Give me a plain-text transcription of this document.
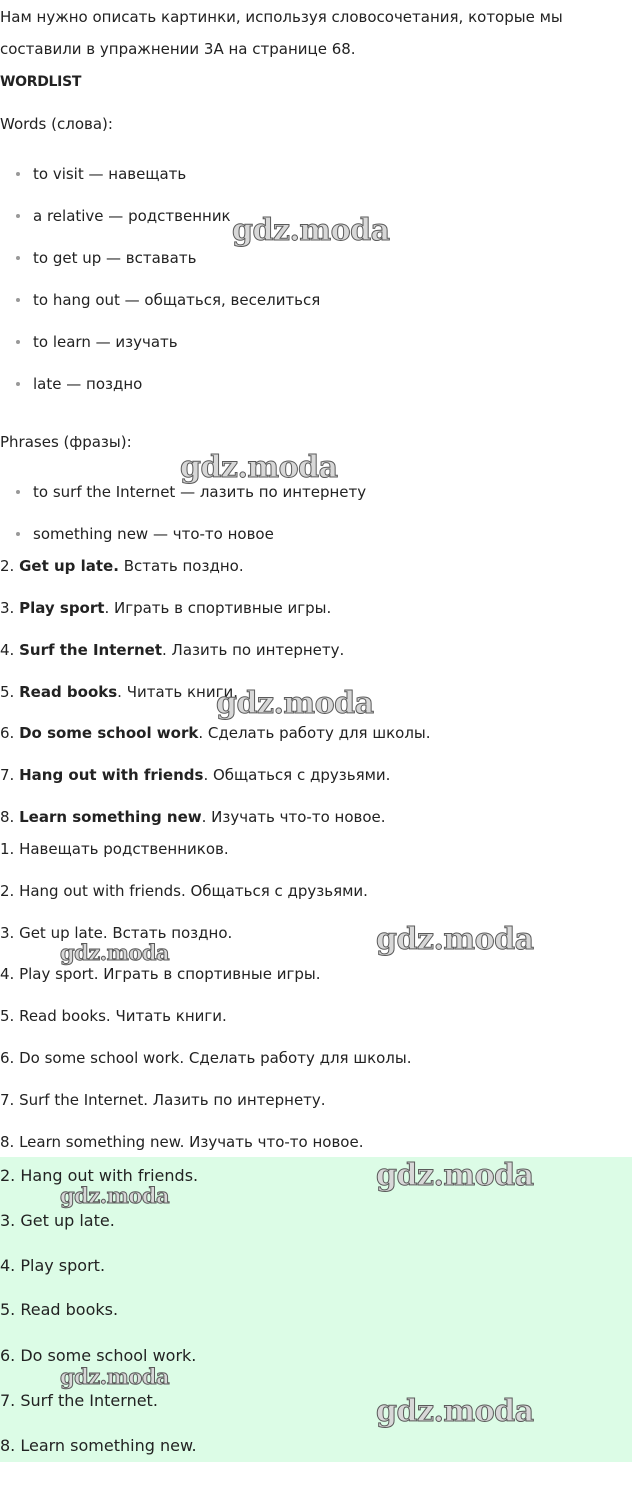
Нам нужно описать картинки, используя словосочетания, которые мы
составили в упражнении 3А на странице 68.
WORDLIST
Words (слова):
to visit — навещать
a relative — родственник
to get up — вставать
to hang out — общаться, веселиться
to learn — изучать
late — поздно
Phrases (фразы):
to surf the Internet — лазить по интернету
something new — что-то новое
2. Get up late. Встать поздно.
3. Play sport. Играть в спортивные игры.
4. Surf the Internet. Лазить по интернету.
5. Read books. Читать книги.
6. Do some school work. Сделать работу для школы.
7. Hang out with friends. Общаться с друзьями.
8. Learn something new. Изучать что-то новое.
1. Навещать родственников.
2. Hang out with friends. Общаться с друзьями.
3. Get up late. Встать поздно.
4. Play sport. Играть в спортивные игры.
5. Read books. Читать книги.
6. Do some school work. Сделать работу для школы.
7. Surf the Internet. Лазить по интернету.
8. Learn something new. Изучать что-то новое.
2. Hang out with friends.
3. Get up late.
4. Play sport.
5. Read books.
6. Do some school work.
7. Surf the Internet.
8. Learn something new.
gdz.moda
gdz.moda
gdz.moda
gdz.moda
gdz.moda
gdz.moda
gdz.moda
gdz.moda
gdz.moda
